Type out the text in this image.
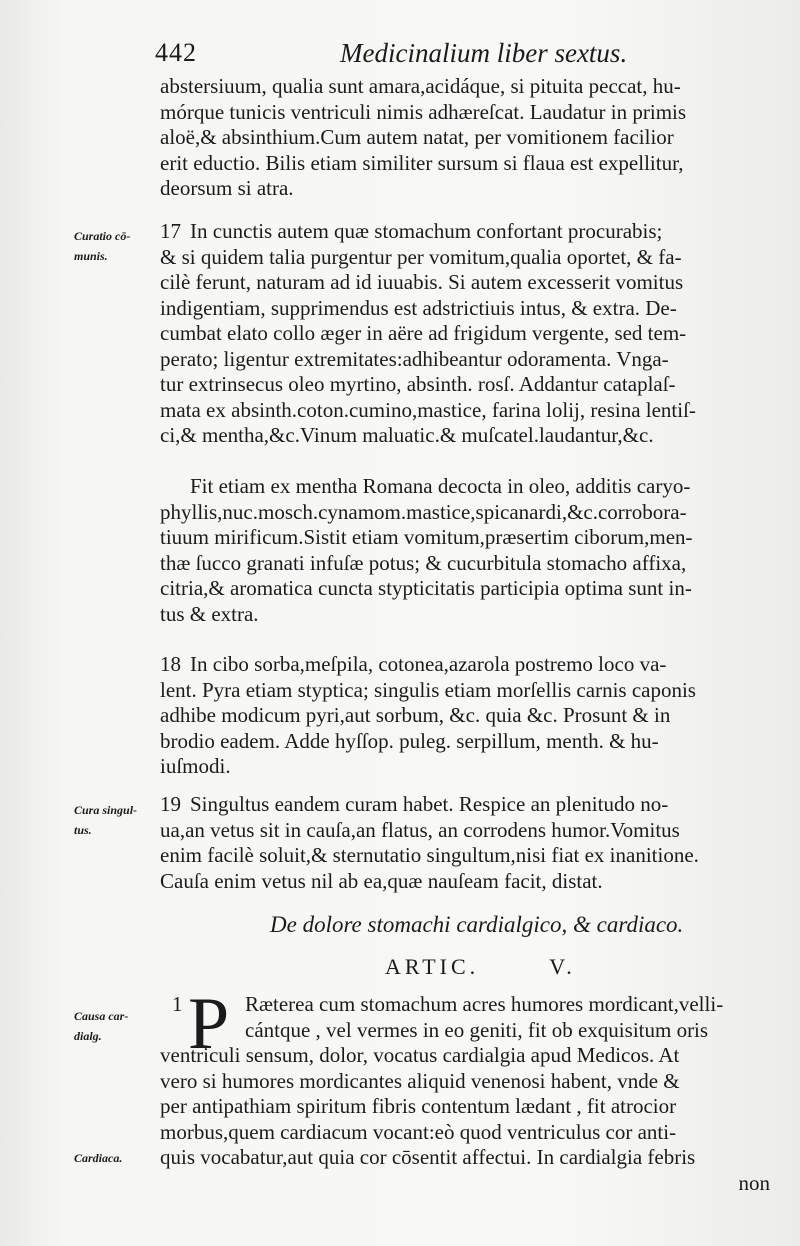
442	Medicinalium liber sextus.
abstersiuum, qualia sunt amara,acidáque, si pituita peccat, hu-
mórque tunicis ventriculi nimis adhæreſcat. Laudatur in primis
aloë,& absinthium.Cum autem natat, per vomitionem facilior
erit eductio. Bilis etiam similiter sursum si flaua est expellitur,
deorsum si atra.
Curatio cō-
munis.
17 In cunctis autem quæ stomachum confortant procurabis;
& si quidem talia purgentur per vomitum,qualia oportet, & fa-
cilè ferunt, naturam ad id iuuabis. Si autem excesserit vomitus
indigentiam, supprimendus est adstrictiuis intus, & extra. De-
cumbat elato collo æger in aëre ad frigidum vergente, sed tem-
perato; ligentur extremitates:adhibeantur odoramenta. Vnga-
tur extrinsecus oleo myrtino, absinth. rosſ. Addantur cataplaſ-
mata ex absinth.coton.cumino,mastice, farina lolij, resina lentiſ-
ci,& mentha,&c.Vinum maluatic.& muſcatel.laudantur,&c.
Fit etiam ex mentha Romana decocta in oleo, additis caryo-
phyllis,nuc.mosch.cynamom.mastice,spicanardi,&c.corrobora-
tiuum mirificum.Sistit etiam vomitum,præsertim ciborum,men-
thæ ſucco granati infuſæ potus; & cucurbitula stomacho affixa,
citria,& aromatica cuncta stypticitatis participia optima sunt in-
tus & extra.
18 In cibo sorba,meſpila, cotonea,azarola postremo loco va-
lent. Pyra etiam styptica; singulis etiam morſellis carnis caponis
adhibe modicum pyri,aut sorbum, &c. quia &c. Prosunt & in
brodio eadem. Adde hyſſop. puleg. serpillum, menth. & hu-
iuſmodi.
Cura singul-
tus.
19 Singultus eandem curam habet. Respice an plenitudo no-
ua,an vetus sit in cauſa,an flatus, an corrodens humor.Vomitus
enim facilè soluit,& sternutatio singultum,nisi fiat ex inanitione.
Cauſa enim vetus nil ab ea,quæ nauſeam facit, distat.
De dolore stomachi cardialgico, & cardiaco.
ARTIC.	V.
Causa car-
dialg.
Cardiaca.
1 P Ræterea cum stomachum acres humores mordicant,velli-
cántque , vel vermes in eo geniti, fit ob exquisitum oris
ventriculi sensum, dolor, vocatus cardialgia apud Medicos. At
vero si humores mordicantes aliquid venenosi habent, vnde &
per antipathiam spiritum fibris contentum lædant , fit atrocior
morbus,quem cardiacum vocant:eò quod ventriculus cor anti-
quis vocabatur,aut quia cor cōsentit affectui. In cardialgia febris
non
